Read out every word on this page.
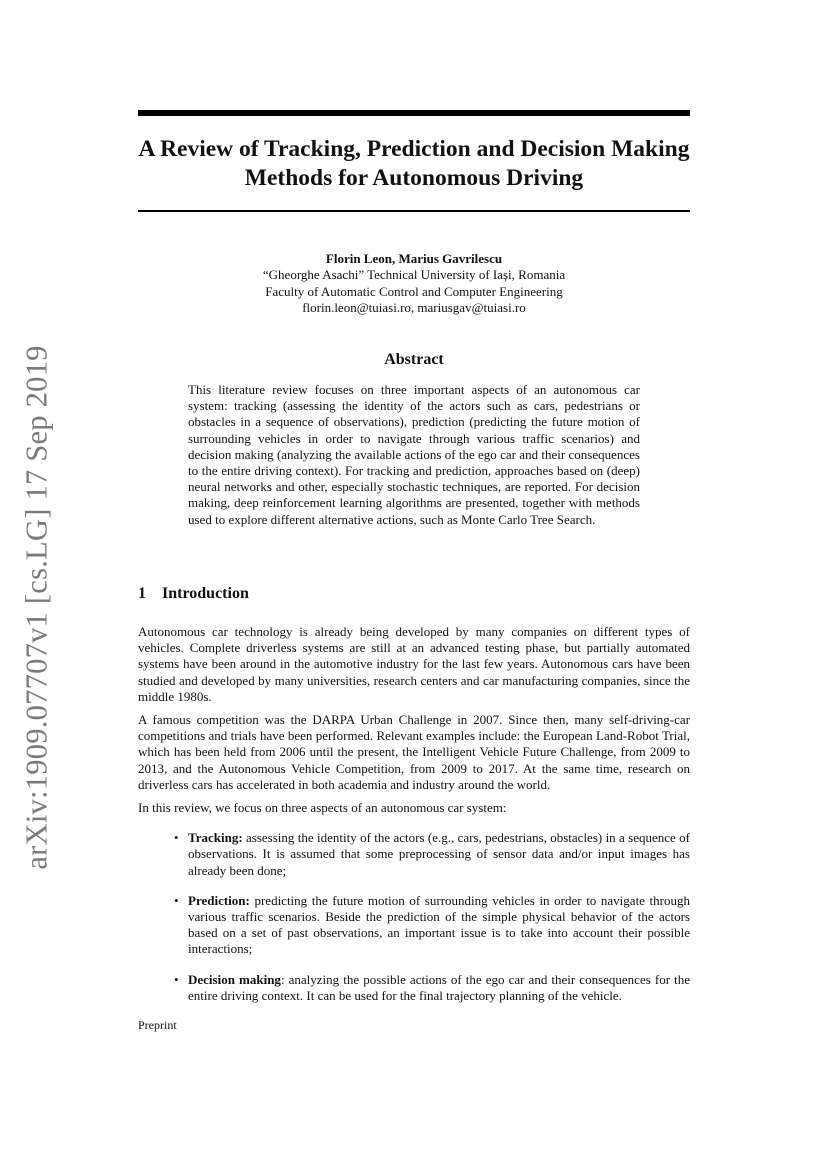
arXiv:1909.07707v1 [cs.LG] 17 Sep 2019
A Review of Tracking, Prediction and Decision Making Methods for Autonomous Driving
Florin Leon, Marius Gavrilescu
“Gheorghe Asachi” Technical University of Iași, Romania
Faculty of Automatic Control and Computer Engineering
florin.leon@tuiasi.ro, mariusgav@tuiasi.ro
Abstract

This literature review focuses on three important aspects of an autonomous car system: tracking (assessing the identity of the actors such as cars, pedestrians or obstacles in a sequence of observations), prediction (predicting the future motion of surrounding vehicles in order to navigate through various traffic scenarios) and decision making (analyzing the available actions of the ego car and their consequences to the entire driving context). For tracking and prediction, approaches based on (deep) neural networks and other, especially stochastic techniques, are reported. For decision making, deep reinforcement learning algorithms are presented, together with methods used to explore different alternative actions, such as Monte Carlo Tree Search.

1 Introduction

Autonomous car technology is already being developed by many companies on different types of vehicles. Complete driverless systems are still at an advanced testing phase, but partially automated systems have been around in the automotive industry for the last few years. Autonomous cars have been studied and developed by many universities, research centers and car manufacturing companies, since the middle 1980s.

A famous competition was the DARPA Urban Challenge in 2007. Since then, many self-driving-car competitions and trials have been performed. Relevant examples include: the European Land-Robot Trial, which has been held from 2006 until the present, the Intelligent Vehicle Future Challenge, from 2009 to 2013, and the Autonomous Vehicle Competition, from 2009 to 2017. At the same time, research on driverless cars has accelerated in both academia and industry around the world.

In this review, we focus on three aspects of an autonomous car system:

• Tracking: assessing the identity of the actors (e.g., cars, pedestrians, obstacles) in a sequence of observations. It is assumed that some preprocessing of sensor data and/or input images has already been done;
• Prediction: predicting the future motion of surrounding vehicles in order to navigate through various traffic scenarios. Beside the prediction of the simple physical behavior of the actors based on a set of past observations, an important issue is to take into account their possible interactions;
• Decision making: analyzing the possible actions of the ego car and their consequences for the entire driving context. It can be used for the final trajectory planning of the vehicle.
Preprint
